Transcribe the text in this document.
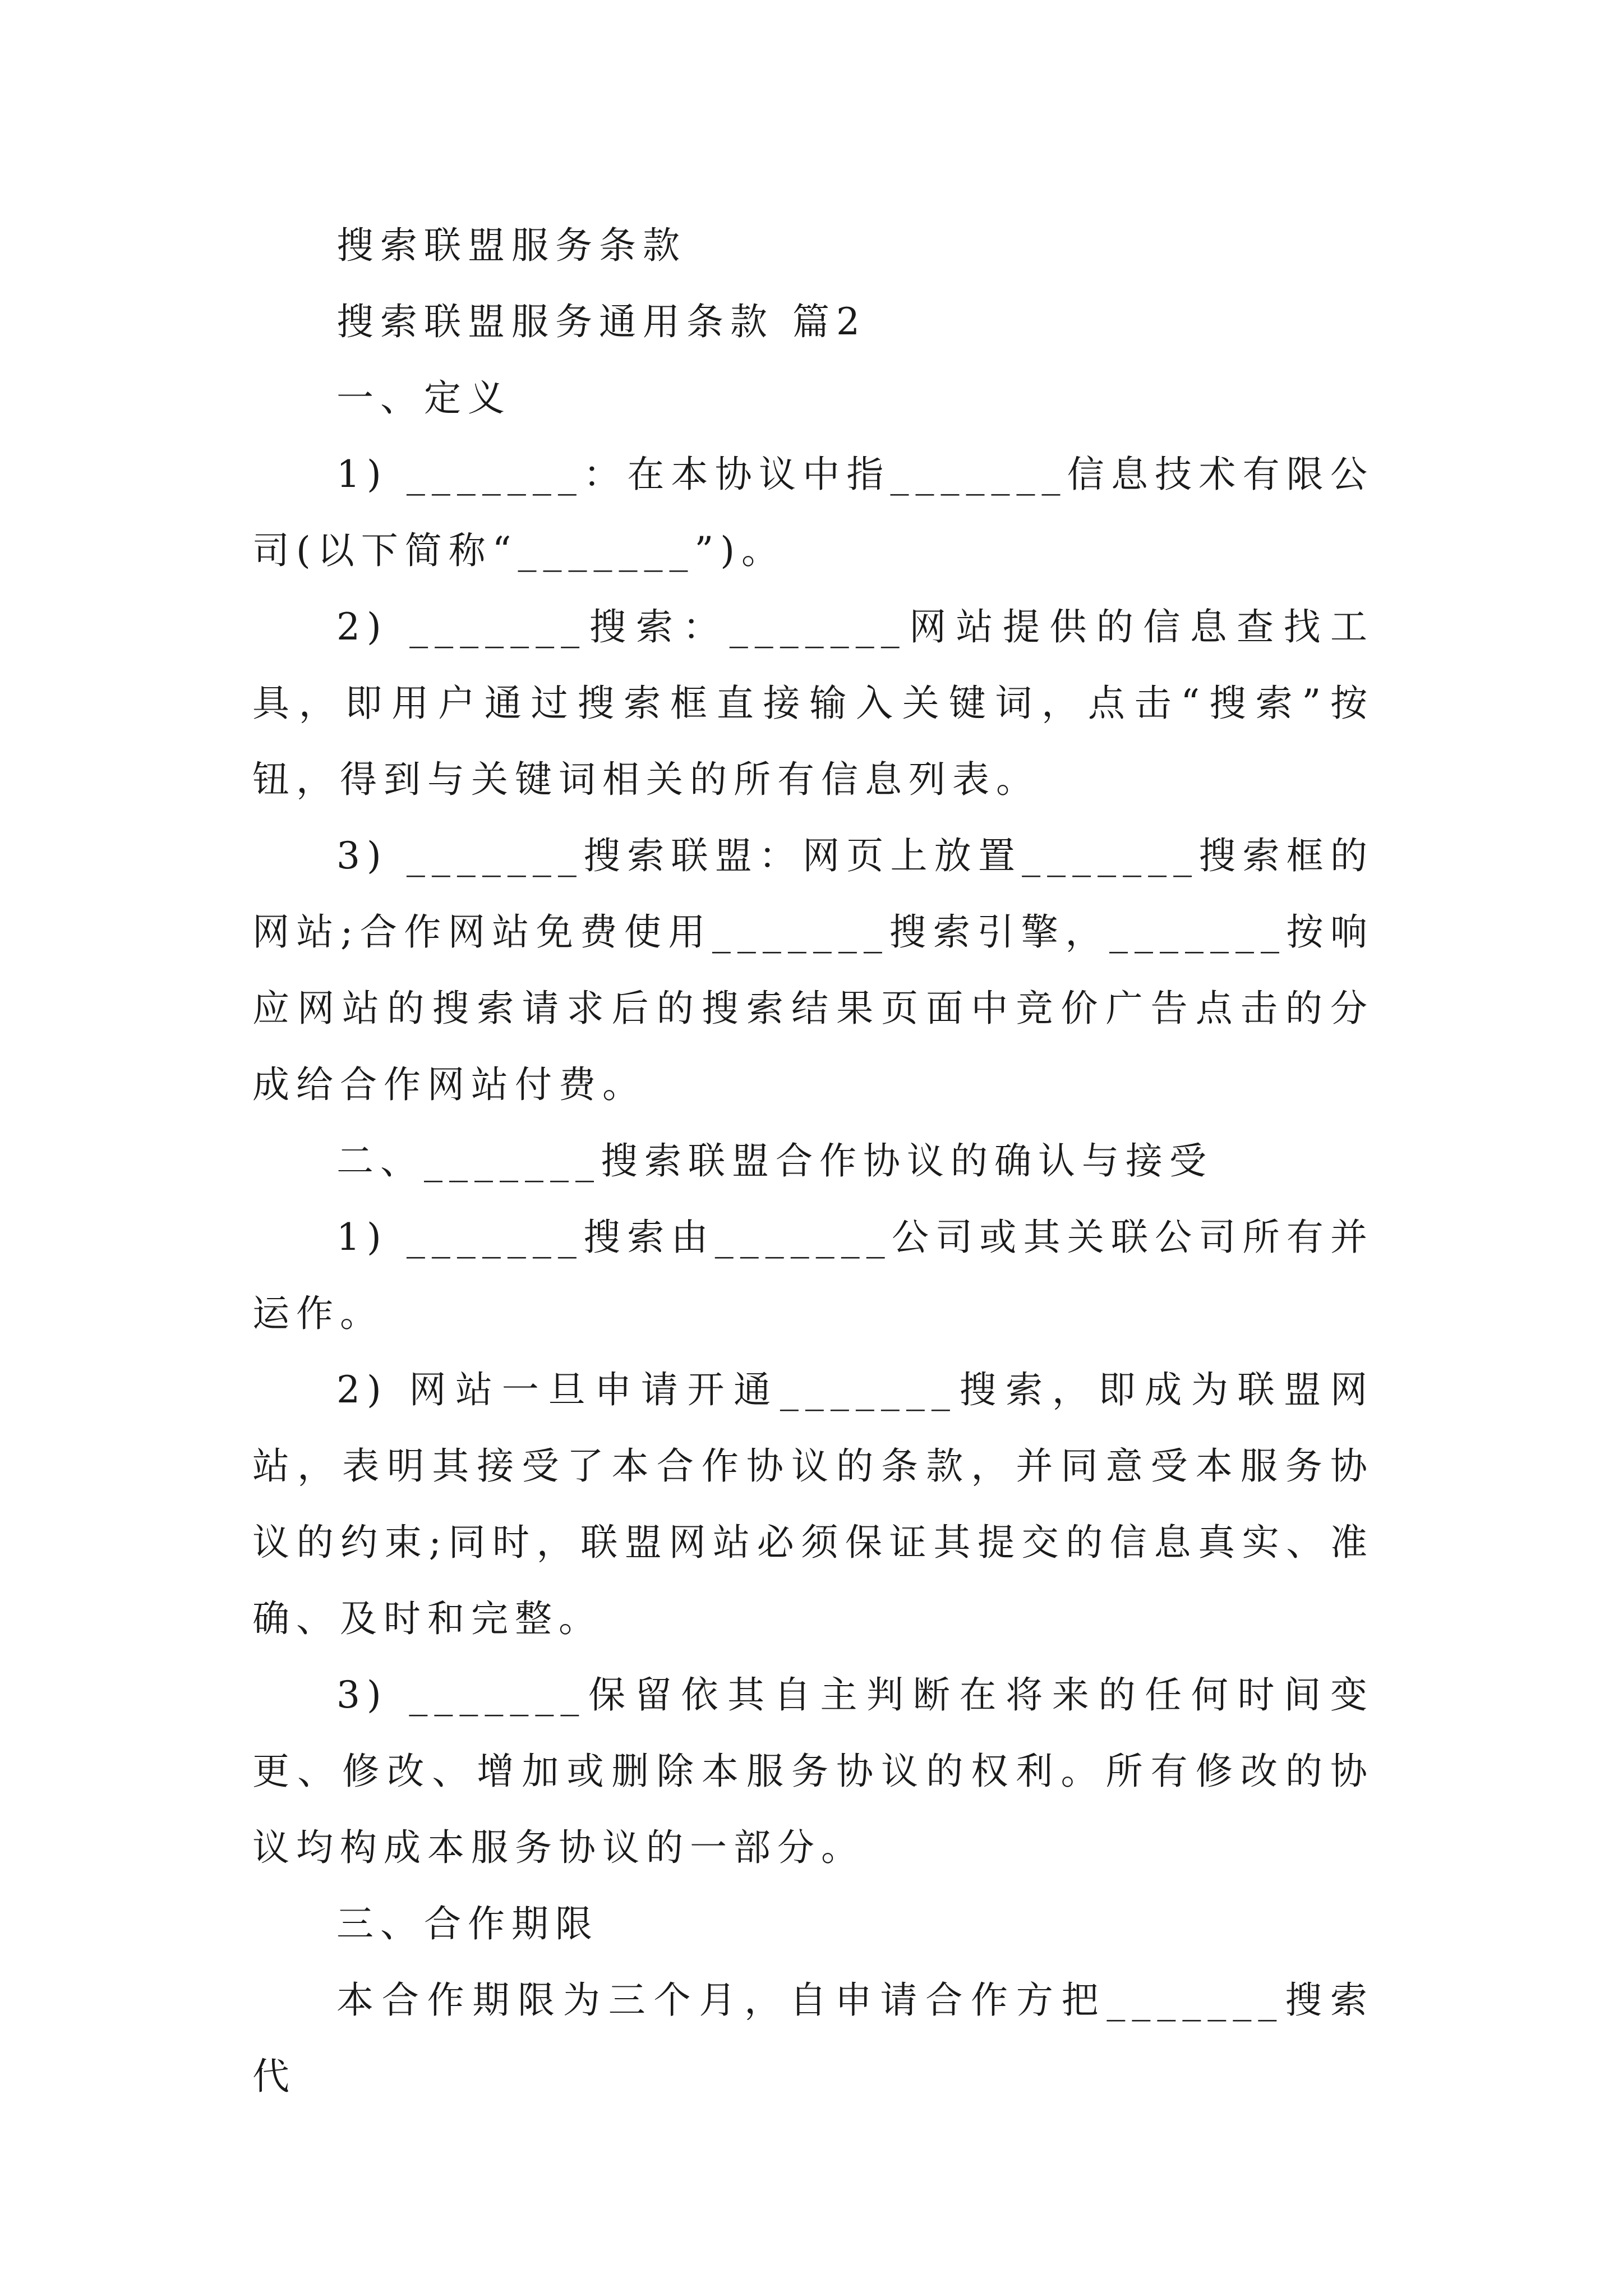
搜索联盟服务条款

搜索联盟服务通用条款 篇2

一、定义

1) _______：在本协议中指_______信息技术有限公司(以下简称“_______”)。

2) _______搜索：_______网站提供的信息查找工具，即用户通过搜索框直接输入关键词，点击“搜索”按钮，得到与关键词相关的所有信息列表。

3) _______搜索联盟：网页上放置_______搜索框的网站;合作网站免费使用_______搜索引擎，_______按响应网站的搜索请求后的搜索结果页面中竞价广告点击的分成给合作网站付费。

二、_______搜索联盟合作协议的确认与接受

1) _______搜索由_______公司或其关联公司所有并运作。

2) 网站一旦申请开通_______搜索，即成为联盟网站，表明其接受了本合作协议的条款，并同意受本服务协议的约束;同时，联盟网站必须保证其提交的信息真实、准确、及时和完整。

3) _______保留依其自主判断在将来的任何时间变更、修改、增加或删除本服务协议的权利。所有修改的协议均构成本服务协议的一部分。

三、合作期限

本合作期限为三个月，自申请合作方把_______搜索代
